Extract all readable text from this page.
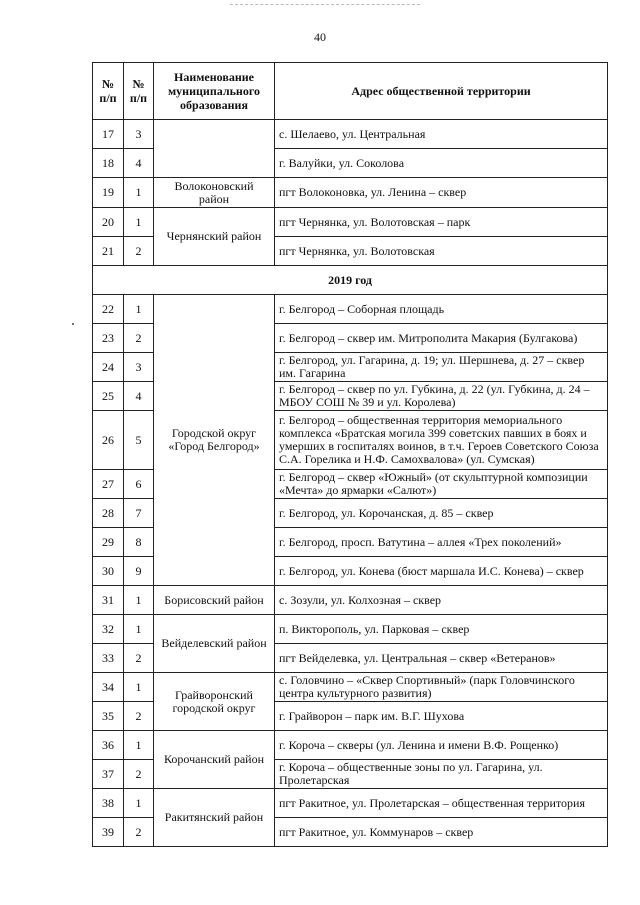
40
№ п/п	№ п/п	Наименование муниципального образования	Адрес общественной территории
17	3		с. Шелаево, ул. Центральная
18	4		г. Валуйки, ул. Соколова
19	1	Волоконовский район	пгт Волоконовка, ул. Ленина – сквер
20	1	Чернянский район	пгт Чернянка, ул. Волотовская – парк
21	2		пгт Чернянка, ул. Волотовская
2019 год			
22	1	Городской округ «Город Белгород»	г. Белгород – Соборная площадь
23	2		г. Белгород – сквер им. Митрополита Макария (Булгакова)
24	3		г. Белгород, ул. Гагарина, д. 19; ул. Шершнева, д. 27 – сквер им. Гагарина
25	4		г. Белгород – сквер по ул. Губкина, д. 22 (ул. Губкина, д. 24 – МБОУ СОШ № 39 и ул. Королева)
26	5		г. Белгород – общественная территория мемориального комплекса «Братская могила 399 советских павших в боях и умерших в госпиталях воинов, в т.ч. Героев Советского Союза С.А. Горелика и Н.Ф. Самохвалова» (ул. Сумская)
27	6		г. Белгород – сквер «Южный» (от скульптурной композиции «Мечта» до ярмарки «Салют»)
28	7		г. Белгород, ул. Корочанская, д. 85 – сквер
29	8		г. Белгород, просп. Ватутина – аллея «Трех поколений»
30	9		г. Белгород, ул. Конева (бюст маршала И.С. Конева) – сквер
31	1	Борисовский район	с. Зозули, ул. Колхозная – сквер
32	1	Вейделевский район	п. Викторополь, ул. Парковая – сквер
33	2		пгт Вейделевка, ул. Центральная – сквер «Ветеранов»
34	1	Грайворонский городской округ	с. Головчино – «Сквер Спортивный» (парк Головчинского центра культурного развития)
35	2		г. Грайворон – парк им. В.Г. Шухова
36	1	Корочанский район	г. Короча – скверы (ул. Ленина и имени В.Ф. Рощенко)
37	2		г. Короча – общественные зоны по ул. Гагарина, ул. Пролетарская
38	1	Ракитянский район	пгт Ракитное, ул. Пролетарская – общественная территория
39	2		пгт Ракитное, ул. Коммунаров – сквер
